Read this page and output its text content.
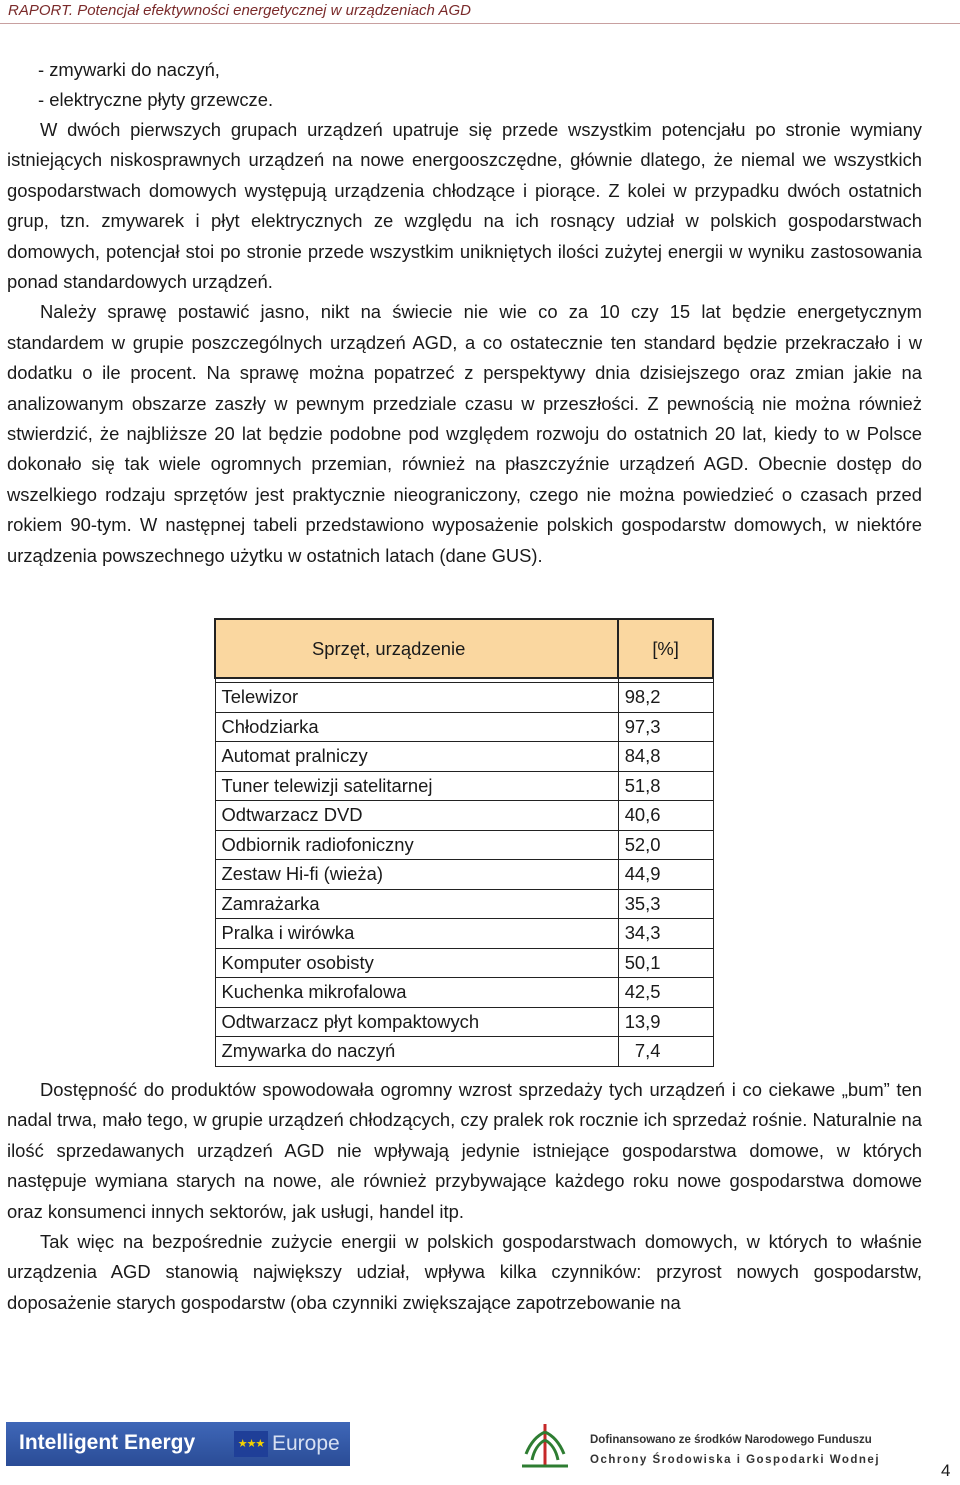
RAPORT. Potencjał efektywności energetycznej w urządzeniach AGD
- zmywarki do naczyń,
- elektryczne płyty grzewcze.

W dwóch pierwszych grupach urządzeń upatruje się przede wszystkim potencjału po stronie wymiany istniejących niskosprawnych urządzeń na nowe energooszczędne, głównie dlatego, że niemal we wszystkich gospodarstwach domowych występują urządzenia chłodzące i piorące. Z kolei w przypadku dwóch ostatnich grup, tzn. zmywarek i płyt elektrycznych ze względu na ich rosnący udział w polskich gospodarstwach domowych, potencjał stoi po stronie przede wszystkim unikniętych ilości zużytej energii w wyniku zastosowania ponad standardowych urządzeń.

Należy sprawę postawić jasno, nikt na świecie nie wie co za 10 czy 15 lat będzie energetycznym standardem w grupie poszczególnych urządzeń AGD, a co ostatecznie ten standard będzie przekraczało i w dodatku o ile procent. Na sprawę można popatrzeć z perspektywy dnia dzisiejszego oraz zmian jakie na analizowanym obszarze zaszły w pewnym przedziale czasu w przeszłości. Z pewnością nie można również stwierdzić, że najbliższe 20 lat będzie podobne pod względem rozwoju do ostatnich 20 lat, kiedy to w Polsce dokonało się tak wiele ogromnych przemian, również na płaszczyźnie urządzeń AGD. Obecnie dostęp do wszelkiego rodzaju sprzętów jest praktycznie nieograniczony, czego nie można powiedzieć o czasach przed rokiem 90-tym. W następnej tabeli przedstawiono wyposażenie polskich gospodarstw domowych, w niektóre urządzenia powszechnego użytku w ostatnich latach (dane GUS).

Sprzęt, urządzenie	[%]

Telewizor	98,2
Chłodziarka	97,3
Automat pralniczy	84,8
Tuner telewizji satelitarnej	51,8
Odtwarzacz DVD	40,6
Odbiornik radiofoniczny	52,0
Zestaw Hi-fi (wieża)	44,9
Zamrażarka	35,3
Pralka i wirówka	34,3
Komputer osobisty	50,1
Kuchenka mikrofalowa	42,5
Odtwarzacz płyt kompaktowych	13,9
Zmywarka do naczyń	7,4

Dostępność do produktów spowodowała ogromny wzrost sprzedaży tych urządzeń i co ciekawe „bum” ten nadal trwa, mało tego, w grupie urządzeń chłodzących, czy pralek rok rocznie ich sprzedaż rośnie. Naturalnie na ilość sprzedawanych urządzeń AGD nie wpływają jedynie istniejące gospodarstwa domowe, w których następuje wymiana starych na nowe, ale również przybywające każdego roku nowe gospodarstwa domowe oraz konsumenci innych sektorów, jak usługi, handel itp.

Tak więc na bezpośrednie zużycie energii w polskich gospodarstwach domowych, w których to właśnie urządzenia AGD stanowią największy udział, wpływa kilka czynników: przyrost nowych gospodarstw, doposażenie starych gospodarstw (oba czynniki zwiększające zapotrzebowanie na

Intelligent Energy	★★★ Europe	Dofinansowano ze środków Narodowego Funduszu
Ochrony Środowiska i Gospodarki Wodnej
4
